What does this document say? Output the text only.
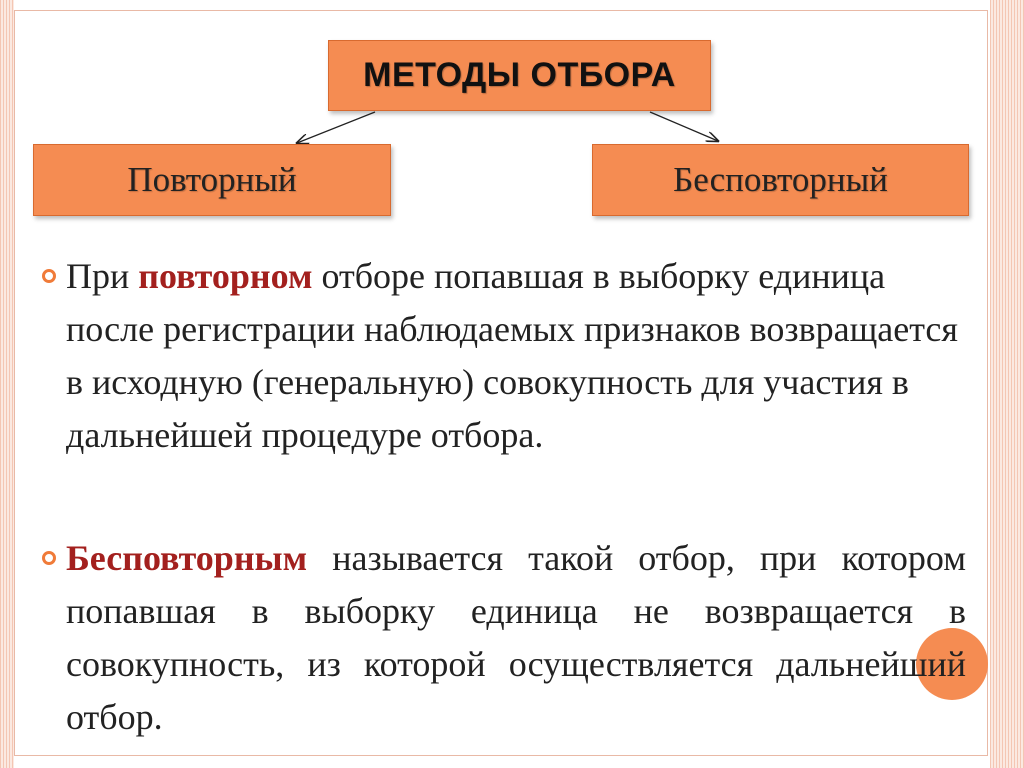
МЕТОДЫ ОТБОРА
Повторный	Бесповторный
При повторном отборе попавшая в выборку единица после регистрации наблюдаемых признаков возвращается в исходную (генеральную) совокупность для участия в дальнейшей процедуре отбора.
Бесповторным называется такой отбор, при котором попавшая в выборку единица не возвращается в совокупность, из которой осуществляется дальнейший отбор.
